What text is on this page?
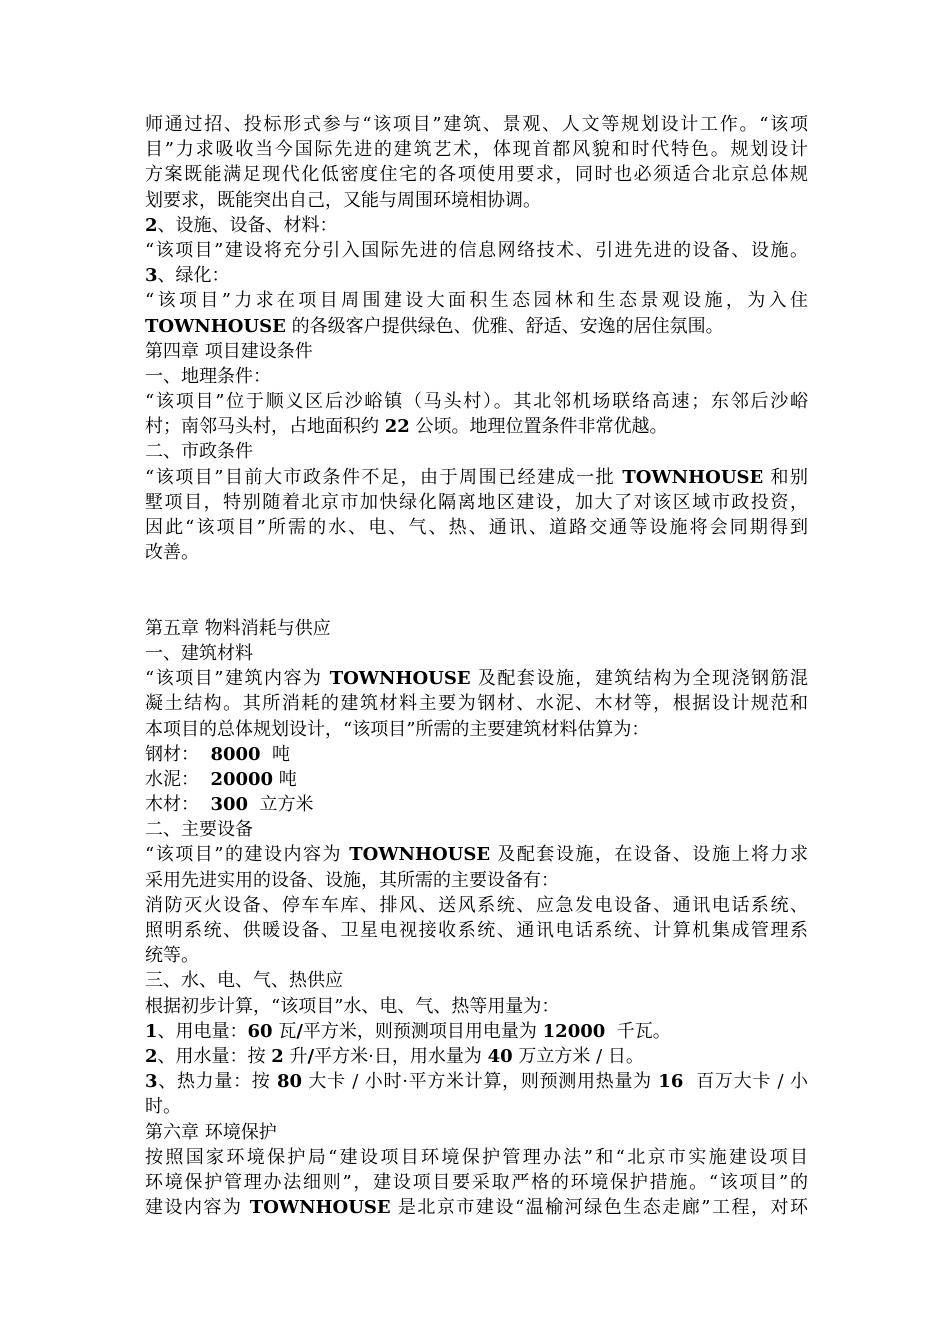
师通过招、投标形式参与“该项目”建筑、景观、人文等规划设计工作。“该项
目”力求吸收当今国际先进的建筑艺术，体现首都风貌和时代特色。规划设计
方案既能满足现代化低密度住宅的各项使用要求，同时也必须适合北京总体规
划要求，既能突出自己，又能与周围环境相协调。
2、设施、设备、材料：
“该项目”建设将充分引入国际先进的信息网络技术、引进先进的设备、设施。
3、绿化：
“该项目”力求在项目周围建设大面积生态园林和生态景观设施，为入住
TOWNHOUSE 的各级客户提供绿色、优雅、舒适、安逸的居住氛围。
第四章 项目建设条件
一、地理条件：
“该项目”位于顺义区后沙峪镇（马头村）。其北邻机场联络高速；东邻后沙峪
村；南邻马头村，占地面积约 22 公顷。地理位置条件非常优越。
二、市政条件
“该项目”目前大市政条件不足，由于周围已经建成一批 TOWNHOUSE 和别
墅项目，特别随着北京市加快绿化隔离地区建设，加大了对该区域市政投资，
因此“该项目”所需的水、电、气、热、通讯、道路交通等设施将会同期得到
改善。
第五章 物料消耗与供应
一、建筑材料
“该项目”建筑内容为 TOWNHOUSE 及配套设施，建筑结构为全现浇钢筋混
凝土结构。其所消耗的建筑材料主要为钢材、水泥、木材等，根据设计规范和
本项目的总体规划设计，“该项目”所需的主要建筑材料估算为：
钢材：  8000  吨
水泥：  20000 吨
木材：  300  立方米
二、主要设备
“该项目”的建设内容为 TOWNHOUSE 及配套设施，在设备、设施上将力求
采用先进实用的设备、设施，其所需的主要设备有：
消防灭火设备、停车车库、排风、送风系统、应急发电设备、通讯电话系统、
照明系统、供暖设备、卫星电视接收系统、通讯电话系统、计算机集成管理系
统等。
三、水、电、气、热供应
根据初步计算，“该项目”水、电、气、热等用量为：
1、用电量：60 瓦/平方米，则预测项目用电量为 12000  千瓦。
2、用水量：按 2 升/平方米·日，用水量为 40 万立方米 / 日。
3、热力量：按 80 大卡 / 小时·平方米计算，则预测用热量为 16  百万大卡 / 小
时。
第六章 环境保护
按照国家环境保护局“建设项目环境保护管理办法”和“北京市实施建设项目
环境保护管理办法细则”，建设项目要采取严格的环境保护措施。“该项目”的
建设内容为 TOWNHOUSE 是北京市建设“温榆河绿色生态走廊”工程，对环
